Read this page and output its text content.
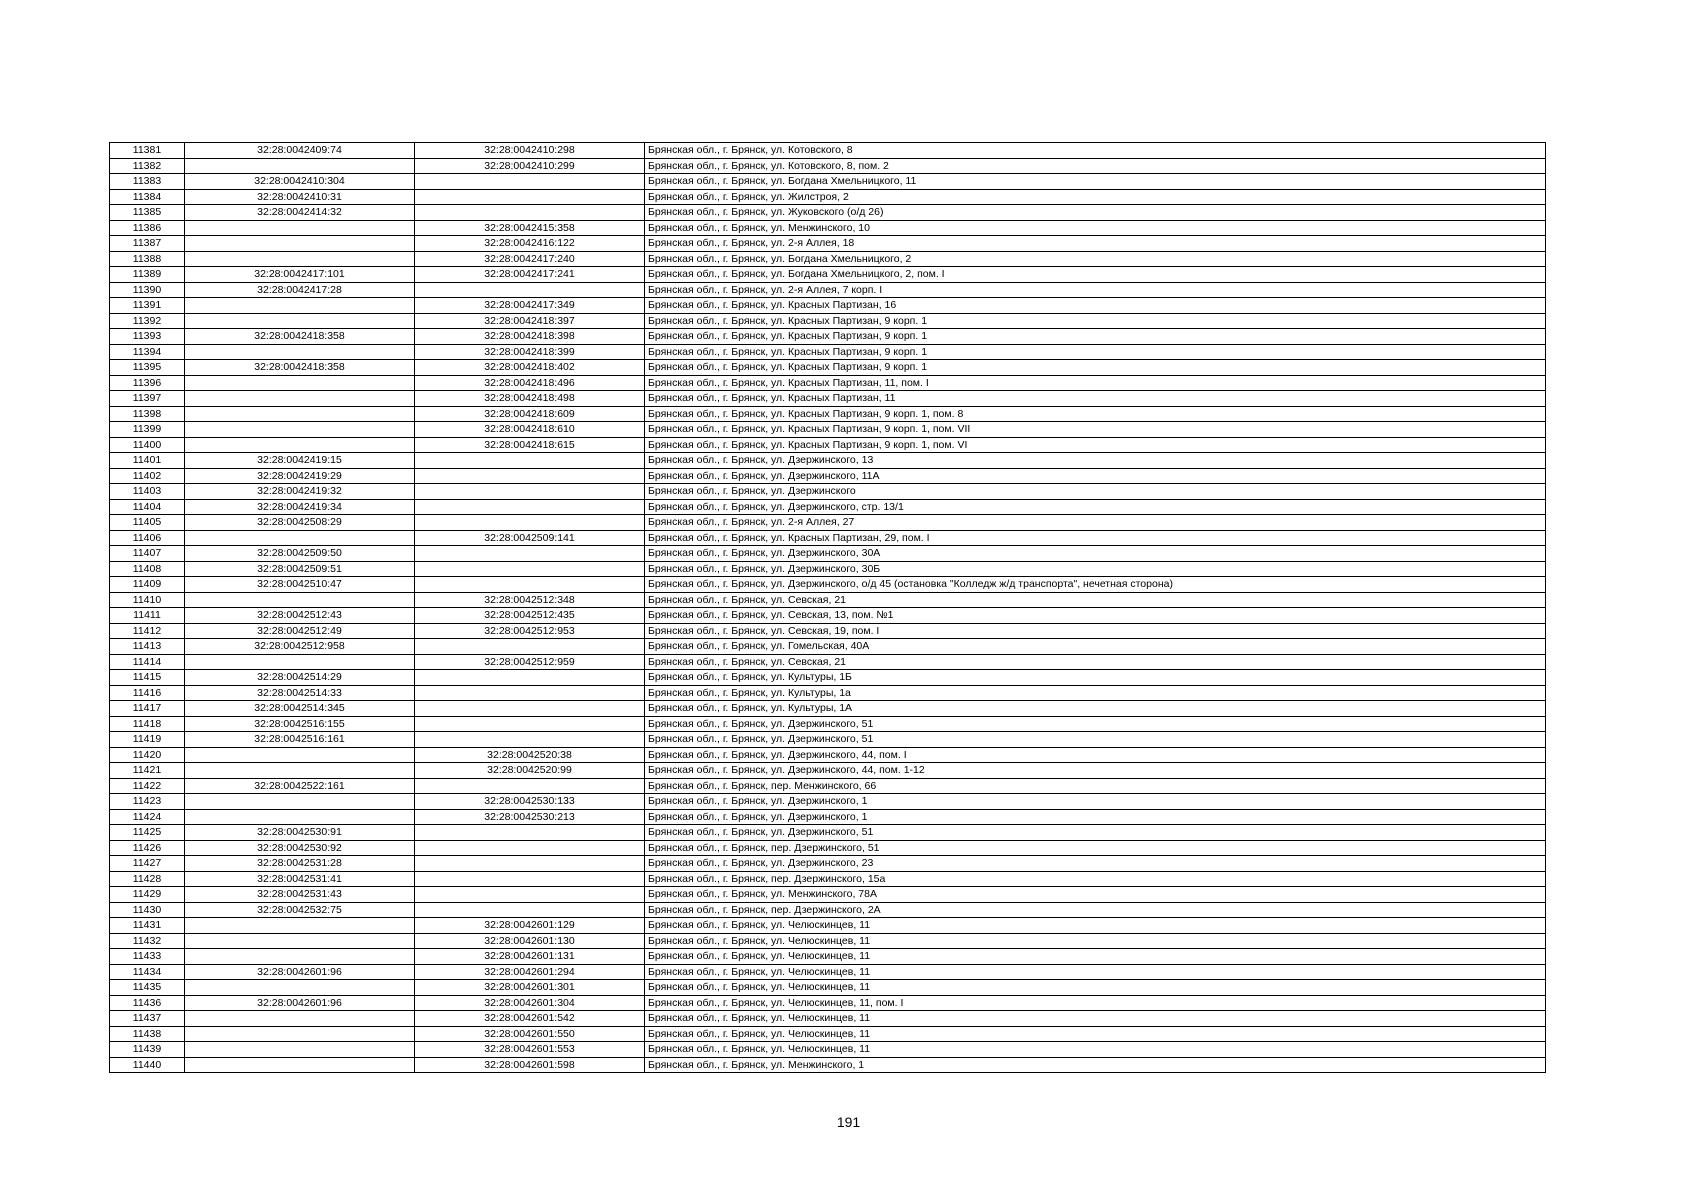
11381	32:28:0042409:74	32:28:0042410:298	Брянская обл., г. Брянск, ул. Котовского, 8
11382		32:28:0042410:299	Брянская обл., г. Брянск, ул. Котовского, 8, пом. 2
11383	32:28:0042410:304		Брянская обл., г. Брянск, ул. Богдана Хмельницкого, 11
11384	32:28:0042410:31		Брянская обл., г. Брянск, ул. Жилстроя, 2
11385	32:28:0042414:32		Брянская обл., г. Брянск, ул. Жуковского (о/д 26)
11386		32:28:0042415:358	Брянская обл., г. Брянск, ул. Менжинского, 10
11387		32:28:0042416:122	Брянская обл., г. Брянск, ул. 2-я Аллея, 18
11388		32:28:0042417:240	Брянская обл., г. Брянск, ул. Богдана Хмельницкого, 2
11389	32:28:0042417:101	32:28:0042417:241	Брянская обл., г. Брянск, ул. Богдана Хмельницкого, 2, пом. I
11390	32:28:0042417:28		Брянская обл., г. Брянск, ул. 2-я Аллея, 7 корп. I
11391		32:28:0042417:349	Брянская обл., г. Брянск, ул. Красных Партизан, 16
11392		32:28:0042418:397	Брянская обл., г. Брянск, ул. Красных Партизан, 9 корп. 1
11393	32:28:0042418:358	32:28:0042418:398	Брянская обл., г. Брянск, ул. Красных Партизан, 9 корп. 1
11394		32:28:0042418:399	Брянская обл., г. Брянск, ул. Красных Партизан, 9 корп. 1
11395	32:28:0042418:358	32:28:0042418:402	Брянская обл., г. Брянск, ул. Красных Партизан, 9 корп. 1
11396		32:28:0042418:496	Брянская обл., г. Брянск, ул. Красных Партизан, 11, пом. I
11397		32:28:0042418:498	Брянская обл., г. Брянск, ул. Красных Партизан, 11
11398		32:28:0042418:609	Брянская обл., г. Брянск, ул. Красных Партизан, 9 корп. 1, пом. 8
11399		32:28:0042418:610	Брянская обл., г. Брянск, ул. Красных Партизан, 9 корп. 1, пом. VII
11400		32:28:0042418:615	Брянская обл., г. Брянск, ул. Красных Партизан, 9 корп. 1, пом. VI
11401	32:28:0042419:15		Брянская обл., г. Брянск, ул. Дзержинского, 13
11402	32:28:0042419:29		Брянская обл., г. Брянск, ул. Дзержинского, 11А
11403	32:28:0042419:32		Брянская обл., г. Брянск, ул. Дзержинского
11404	32:28:0042419:34		Брянская обл., г. Брянск, ул. Дзержинского, стр. 13/1
11405	32:28:0042508:29		Брянская обл., г. Брянск, ул. 2-я Аллея, 27
11406		32:28:0042509:141	Брянская обл., г. Брянск, ул. Красных Партизан, 29, пом. I
11407	32:28:0042509:50		Брянская обл., г. Брянск, ул. Дзержинского, 30А
11408	32:28:0042509:51		Брянская обл., г. Брянск, ул. Дзержинского, 30Б
11409	32:28:0042510:47		Брянская обл., г. Брянск, ул. Дзержинского, о/д 45 (остановка "Колледж ж/д транспорта", нечетная сторона)
11410		32:28:0042512:348	Брянская обл., г. Брянск, ул. Севская, 21
11411	32:28:0042512:43	32:28:0042512:435	Брянская обл., г. Брянск, ул. Севская, 13, пом. №1
11412	32:28:0042512:49	32:28:0042512:953	Брянская обл., г. Брянск, ул. Севская, 19, пом. I
11413	32:28:0042512:958		Брянская обл., г. Брянск, ул. Гомельская, 40А
11414		32:28:0042512:959	Брянская обл., г. Брянск, ул. Севская, 21
11415	32:28:0042514:29		Брянская обл., г. Брянск, ул. Культуры, 1Б
11416	32:28:0042514:33		Брянская обл., г. Брянск, ул. Культуры, 1а
11417	32:28:0042514:345		Брянская обл., г. Брянск, ул. Культуры, 1А
11418	32:28:0042516:155		Брянская обл., г. Брянск, ул. Дзержинского, 51
11419	32:28:0042516:161		Брянская обл., г. Брянск, ул. Дзержинского, 51
11420		32:28:0042520:38	Брянская обл., г. Брянск, ул. Дзержинского, 44, пом. I
11421		32:28:0042520:99	Брянская обл., г. Брянск, ул. Дзержинского, 44, пом. 1-12
11422	32:28:0042522:161		Брянская обл., г. Брянск, пер. Менжинского, 66
11423		32:28:0042530:133	Брянская обл., г. Брянск, ул. Дзержинского, 1
11424		32:28:0042530:213	Брянская обл., г. Брянск, ул. Дзержинского, 1
11425	32:28:0042530:91		Брянская обл., г. Брянск, ул. Дзержинского, 51
11426	32:28:0042530:92		Брянская обл., г. Брянск, пер. Дзержинского, 51
11427	32:28:0042531:28		Брянская обл., г. Брянск, ул. Дзержинского, 23
11428	32:28:0042531:41		Брянская обл., г. Брянск, пер. Дзержинского, 15а
11429	32:28:0042531:43		Брянская обл., г. Брянск, ул. Менжинского, 78А
11430	32:28:0042532:75		Брянская обл., г. Брянск, пер. Дзержинского, 2А
11431		32:28:0042601:129	Брянская обл., г. Брянск, ул. Челюскинцев, 11
11432		32:28:0042601:130	Брянская обл., г. Брянск, ул. Челюскинцев, 11
11433		32:28:0042601:131	Брянская обл., г. Брянск, ул. Челюскинцев, 11
11434	32:28:0042601:96	32:28:0042601:294	Брянская обл., г. Брянск, ул. Челюскинцев, 11
11435		32:28:0042601:301	Брянская обл., г. Брянск, ул. Челюскинцев, 11
11436	32:28:0042601:96	32:28:0042601:304	Брянская обл., г. Брянск, ул. Челюскинцев, 11, пом. I
11437		32:28:0042601:542	Брянская обл., г. Брянск, ул. Челюскинцев, 11
11438		32:28:0042601:550	Брянская обл., г. Брянск, ул. Челюскинцев, 11
11439		32:28:0042601:553	Брянская обл., г. Брянск, ул. Челюскинцев, 11
11440		32:28:0042601:598	Брянская обл., г. Брянск, ул. Менжинского, 1
191
